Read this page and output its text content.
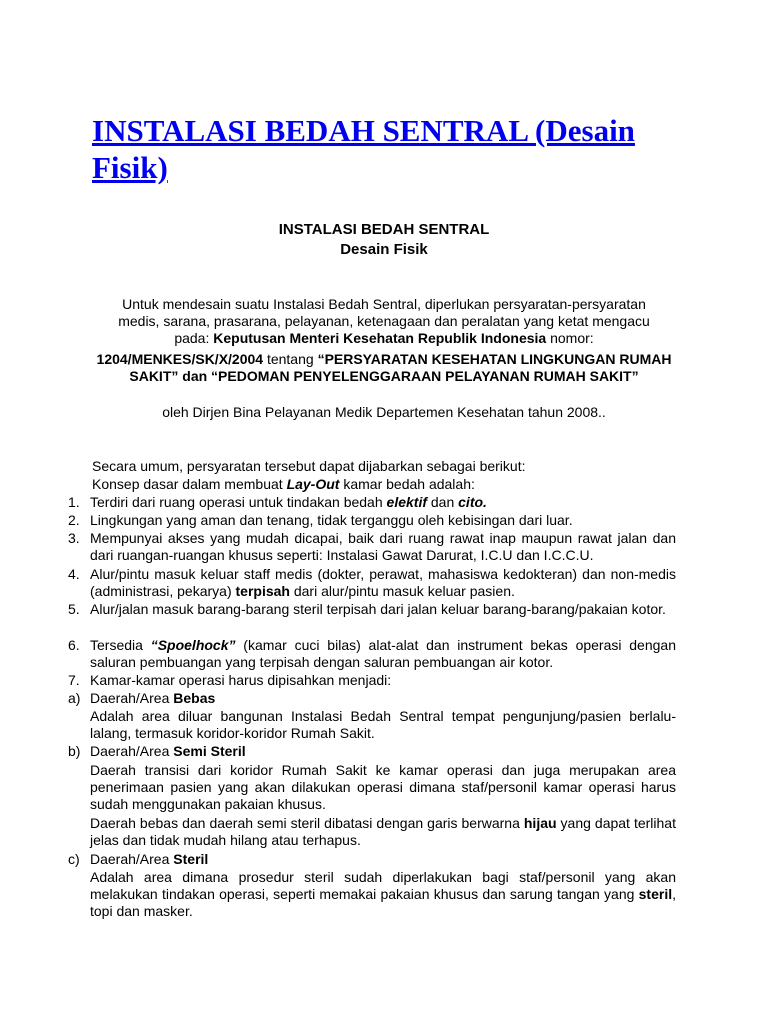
INSTALASI BEDAH SENTRAL (Desain Fisik)
INSTALASI BEDAH SENTRAL
Desain Fisik

Untuk mendesain suatu Instalasi Bedah Sentral, diperlukan persyaratan-persyaratan

medis, sarana, prasarana, pelayanan, ketenagaan dan peralatan yang ketat mengacu

pada: Keputusan Menteri Kesehatan Republik Indonesia nomor:

1204/MENKES/SK/X/2004 tentang “PERSYARATAN KESEHATAN LINGKUNGAN RUMAH SAKIT” dan “PEDOMAN PENYELENGGARAAN PELAYANAN RUMAH SAKIT”
oleh Dirjen Bina Pelayanan Medik Departemen Kesehatan tahun 2008..
Secara umum, persyaratan tersebut dapat dijabarkan sebagai berikut:
Konsep dasar dalam membuat Lay-Out kamar bedah adalah:
1. Terdiri dari ruang operasi untuk tindakan bedah elektif dan cito.
2. Lingkungan yang aman dan tenang, tidak terganggu oleh kebisingan dari luar.
3. Mempunyai akses yang mudah dicapai, baik dari ruang rawat inap maupun rawat jalan dan dari ruangan-ruangan khusus seperti: Instalasi Gawat Darurat, I.C.U dan I.C.C.U.
4. Alur/pintu masuk keluar staff medis (dokter, perawat, mahasiswa kedokteran) dan non-medis (administrasi, pekarya) terpisah dari alur/pintu masuk keluar pasien.
5. Alur/jalan masuk barang-barang steril terpisah dari jalan keluar barang-barang/pakaian kotor.
6. Tersedia “Spoelhock” (kamar cuci bilas) alat-alat dan instrument bekas operasi dengan saluran pembuangan yang terpisah dengan saluran pembuangan air kotor.
7. Kamar-kamar operasi harus dipisahkan menjadi:
a) Daerah/Area Bebas
Adalah area diluar bangunan Instalasi Bedah Sentral tempat pengunjung/pasien berlalu-lalang, termasuk koridor-koridor Rumah Sakit.
b) Daerah/Area Semi Steril
Daerah transisi dari koridor Rumah Sakit ke kamar operasi dan juga merupakan area penerimaan pasien yang akan dilakukan operasi dimana staf/personil kamar operasi harus sudah menggunakan pakaian khusus.
Daerah bebas dan daerah semi steril dibatasi dengan garis berwarna hijau yang dapat terlihat jelas dan tidak mudah hilang atau terhapus.
c) Daerah/Area Steril
Adalah area dimana prosedur steril sudah diperlakukan bagi staf/personil yang akan melakukan tindakan operasi, seperti memakai pakaian khusus dan sarung tangan yang steril, topi dan masker.
